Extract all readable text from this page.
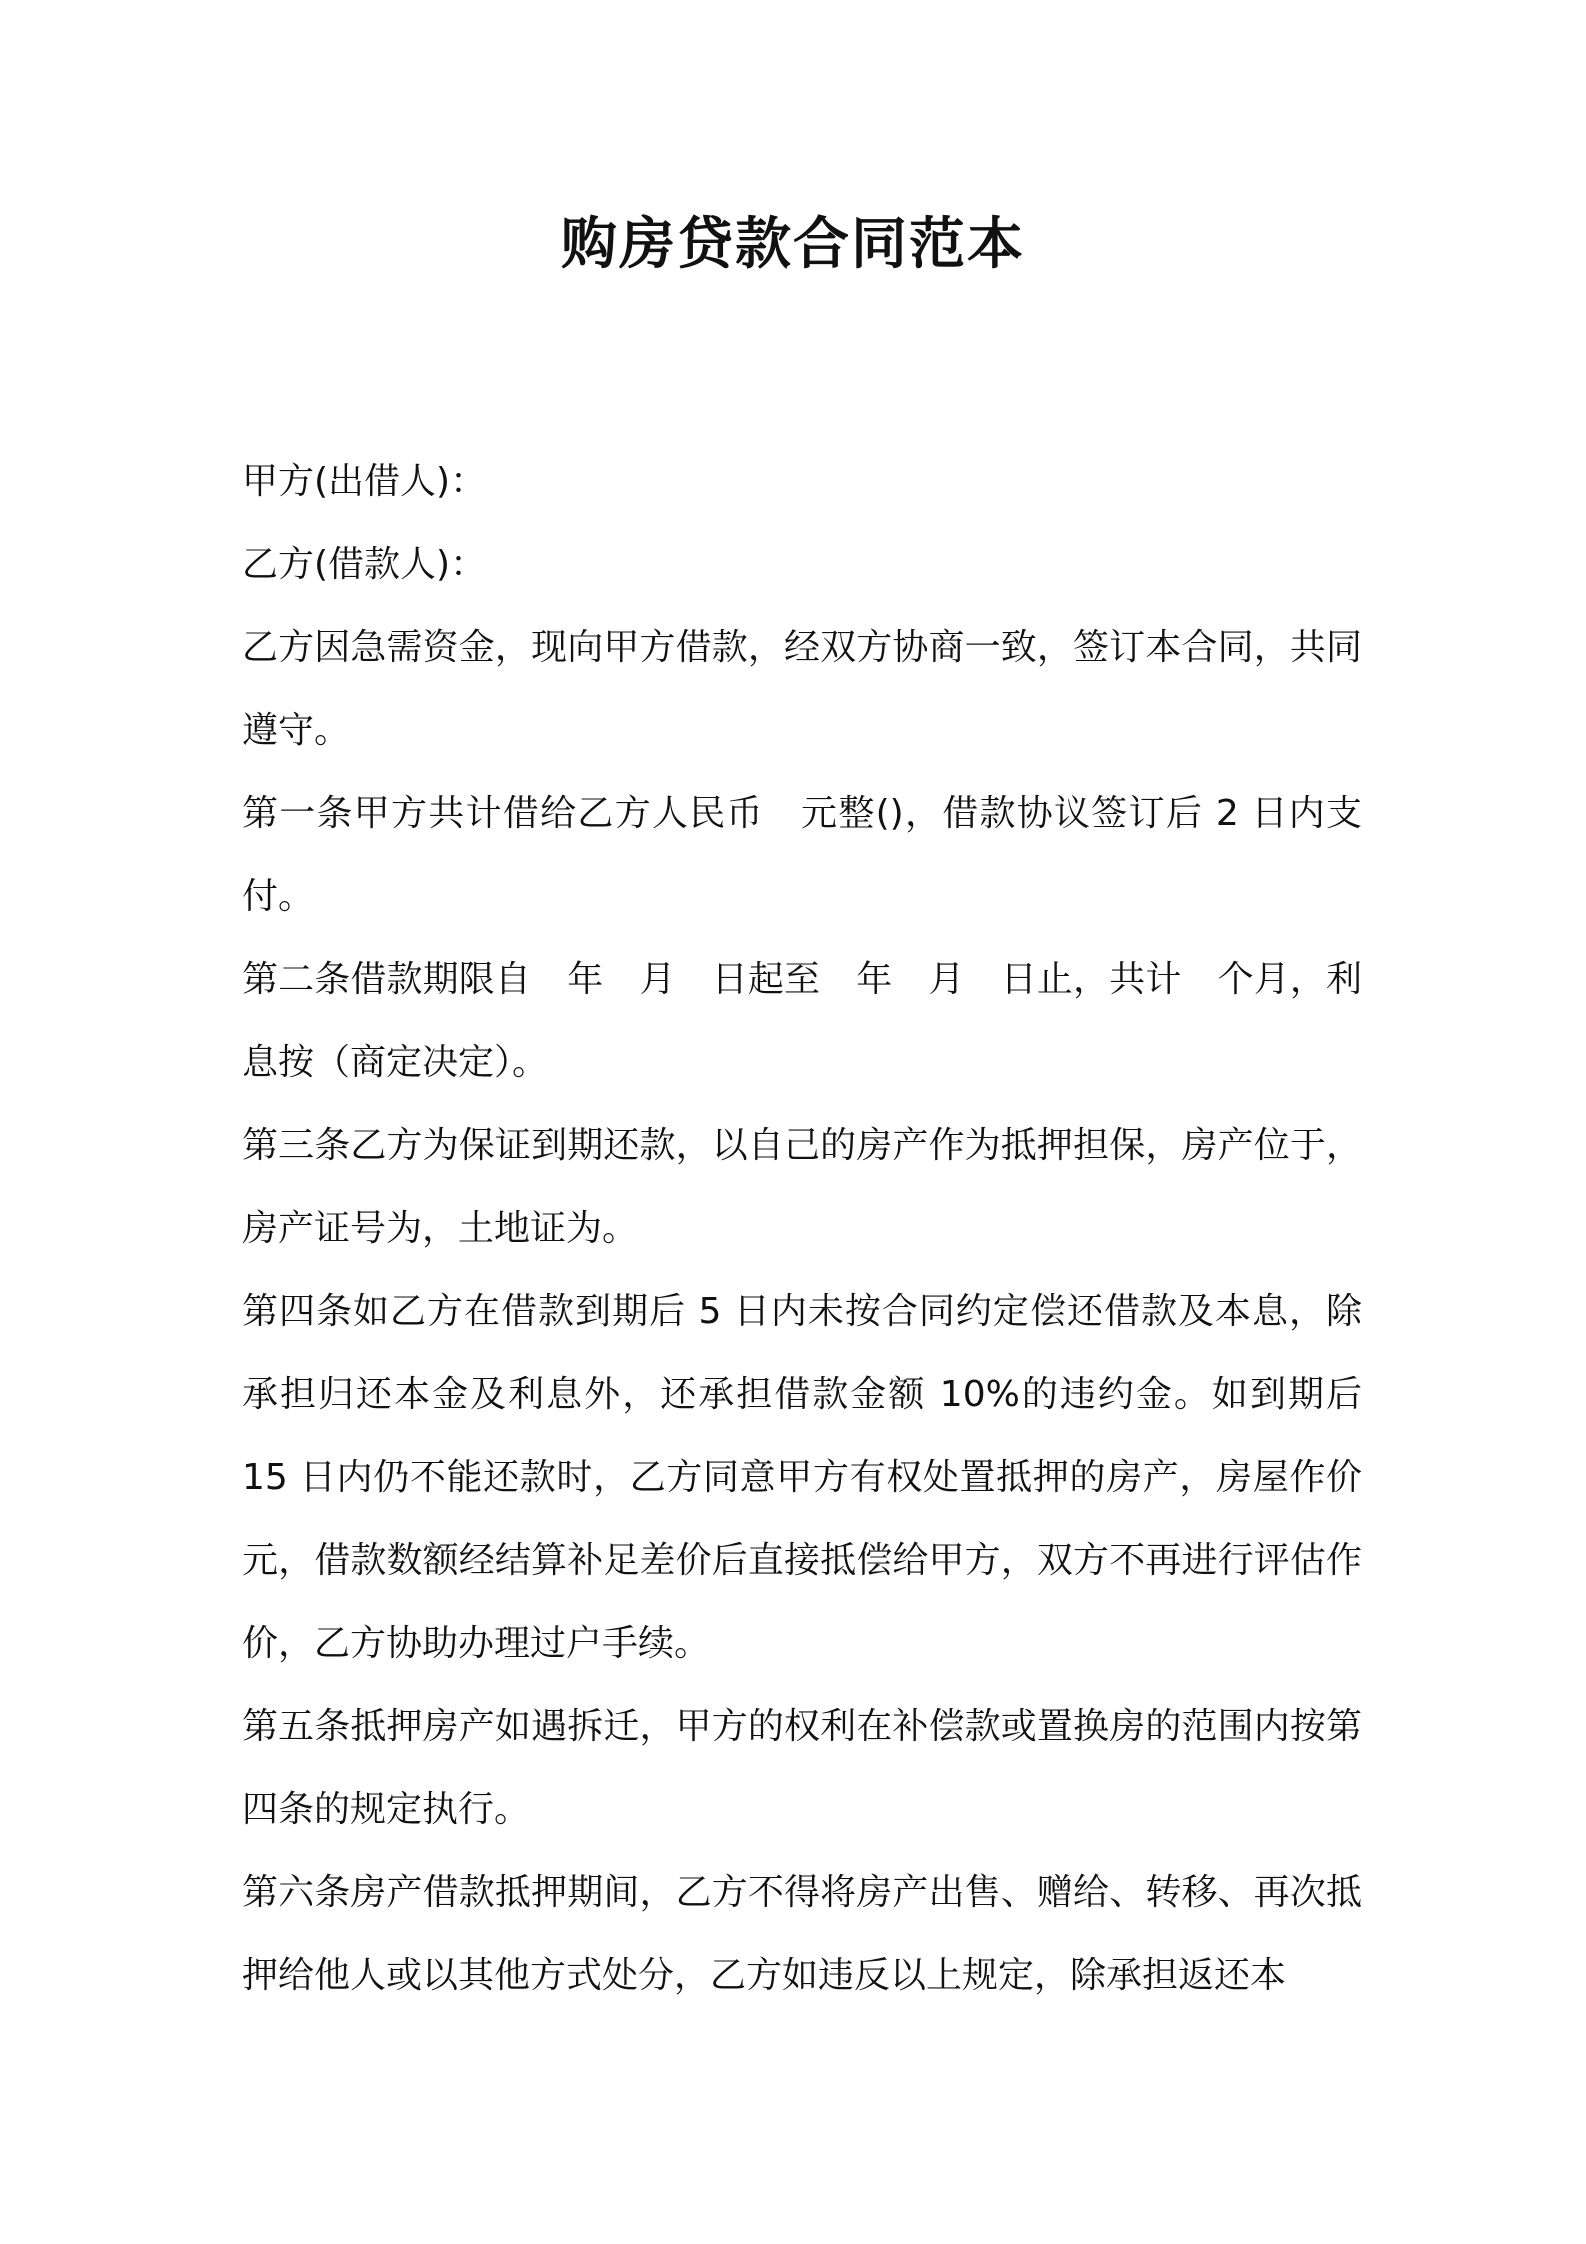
购房贷款合同范本

甲方(出借人)：

乙方(借款人)：

乙方因急需资金，现向甲方借款，经双方协商一致，签订本合同，共同遵守。

第一条甲方共计借给乙方人民币　元整()，借款协议签订后 2 日内支付。

第二条借款期限自　年　月　日起至　年　月　日止，共计　个月，利息按（商定决定）。

第三条乙方为保证到期还款，以自己的房产作为抵押担保，房产位于，房产证号为，土地证为。

第四条如乙方在借款到期后 5 日内未按合同约定偿还借款及本息，除承担归还本金及利息外，还承担借款金额 10%的违约金。如到期后 15 日内仍不能还款时，乙方同意甲方有权处置抵押的房产，房屋作价元，借款数额经结算补足差价后直接抵偿给甲方，双方不再进行评估作价，乙方协助办理过户手续。

第五条抵押房产如遇拆迁，甲方的权利在补偿款或置换房的范围内按第四条的规定执行。

第六条房产借款抵押期间，乙方不得将房产出售、赠给、转移、再次抵押给他人或以其他方式处分，乙方如违反以上规定，除承担返还本
